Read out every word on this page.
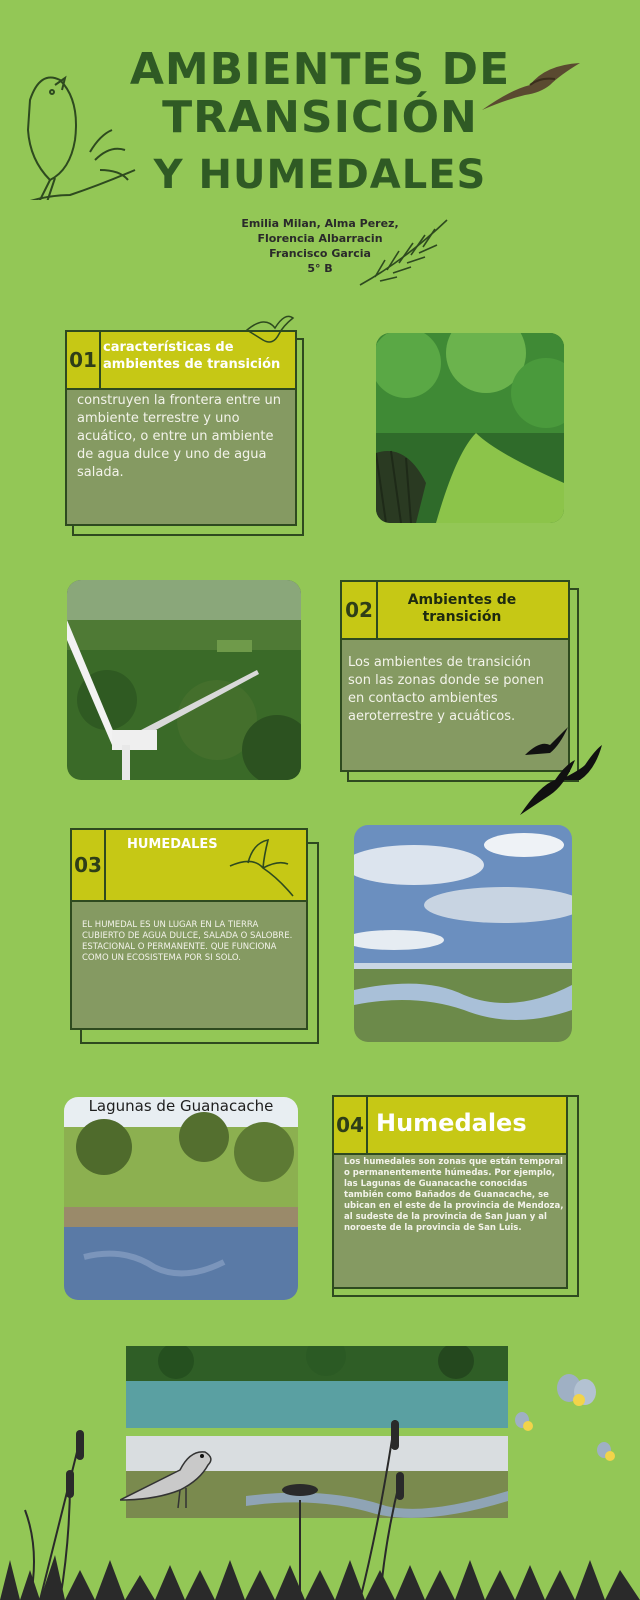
AMBIENTES DE
TRANSICIÓN
Y HUMEDALES
Emilia Milan, Alma Perez,
Florencia Albarracin
Francisco Garcia
5° B
01
características de ambientes de transición
construyen la frontera entre un ambiente terrestre y uno acuático, o entre un ambiente de agua dulce y uno de agua salada.
02	Ambientes de transición
Los ambientes de transición son las zonas donde se ponen en contacto ambientes aeroterrestre y acuáticos.
03
HUMEDALES
EL HUMEDAL ES UN LUGAR EN LA TIERRA CUBIERTO DE AGUA DULCE, SALADA O SALOBRE. ESTACIONAL O PERMANENTE. QUE FUNCIONA COMO UN ECOSISTEMA POR SI SOLO.
Lagunas de Guanacache
04 Humedales
Los humedales son zonas que están temporal o permanentemente húmedas. Por ejemplo, las Lagunas de Guanacache conocidas también como Bañados de Guanacache, se ubican en el este de la provincia de Mendoza, al sudeste de la provincia de San Juan y al noroeste de la provincia de San Luis.
